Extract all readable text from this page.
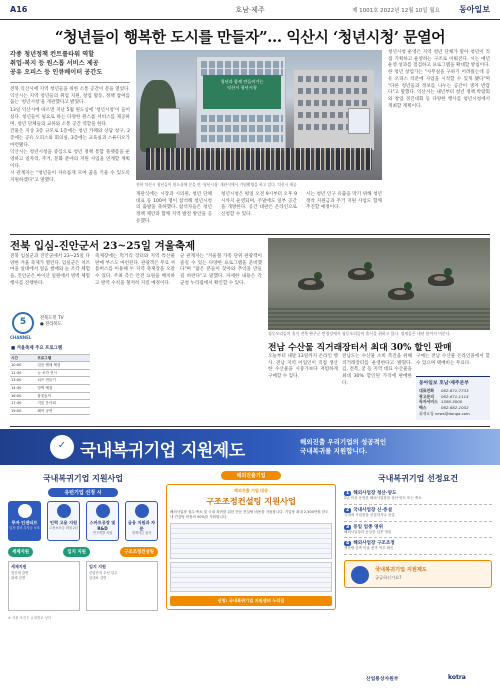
A16	호남·제주	제 1001호 2022년 12월 10일 월요 동아일보
“청년들이 행복한 도시를 만들자”… 익산시 ‘청년시청’ 문열어
각종 청년정책 컨트롤타워 역할
취업·복지 등 원스톱 서비스 제공
공유 오피스 등 인큐베이터 공간도

전북 익산시에 지역 청년들을 위한 소통 공간이 문을 열었다. 익산시는 지역 청년들의 취업 지원, 창업 활동, 정책 참여를 돕는 '청년시청'을 개관했다고 밝혔다.

13일 익산시에 따르면 지난 5월 원도심에 '청년시청'이 들어섰다. 청년들이 필요로 하는 다양한 원스톱 서비스를 제공하며, 청년 단체들의 교류와 소통 공간 역할을 한다.

건물은 지상 3층 규모로 1층에는 청년 카페와 상담 창구, 2층에는 공유 오피스와 회의실, 3층에는 교육실과 스튜디오가 마련됐다.

익산시는 청년시청을 중심으로 청년 정책 통합 플랫폼을 운영하고 일자리, 주거, 문화 분야의 지원 사업을 연계할 계획이다.

시 관계자는 "청년들이 자유롭게 모여 꿈을 키울 수 있도록 지원하겠다"고 말했다.

청년과 함께 만들어가는
익산시 청년시청
전북 익산시 청년들이 원도심에 문을 연 '청년시청' 개관식에서 기념촬영을 하고 있다. 익산시 제공
개관식에는 시장과 시의원, 청년 단체 대표 등 100여 명이 참석해 청년시청의 출발을 축하했다. 참석자들은 청년 정책 제안과 함께 지역 발전 방안을 공유했다.
청년시청은 평일 오전 9시부터 오후 9시까지 운영되며, 주말에도 일부 공간을 개방한다. 공간 대관은 온라인으로 신청할 수 있다.
시는 청년 인구 유출을 막기 위해 청년 정착 지원금과 주거 지원 사업도 함께 추진할 예정이다.
청년시청 운영은 지역 청년 단체가 맡아 청년이 직접 기획하고 운영하는 구조로 이뤄진다. 시는 매년 운영 성과를 점검하고 프로그램을 확대할 방침이다. 한 청년 창업가는 "사무실을 구하기 어려웠는데 공유 오피스 덕분에 사업을 시작할 수 있게 됐다"며 "다른 청년들과 정보를 나누는 공간이 생겨 반갑다"고 말했다. 익산시는 내년부터 청년 정책 박람회와 창업 경진대회 등 다양한 행사를 청년시청에서 개최할 계획이다.
전북 입심-진안군서 23~25일 겨울축제
전북 임실군과 진안군에서 23~25일 다양한 겨울 축제가 열린다. 임실군은 치즈 마을 일대에서 얼음 썰매와 눈 조각 체험을, 진안군은 마이산 일원에서 빙벽 체험 행사를 진행한다.
5
CHANNEL
전북도민 TV
● 전라북도
■ 겨울축제 주요 프로그램	
시간	프로그램
10:00	얼음 썰매 체험
11:30	눈 조각 전시
13:00	치즈 만들기
14:30	빙벽 체험
16:00	불꽃놀이
17:30	겨울 음악회
19:00	폐막 공연
축제장에는 먹거리 장터와 지역 특산물 판매 부스도 마련된다. 관광객은 무료 셔틀버스를 이용해 두 지역 축제장을 오갈 수 있다. 주최 측은 안전 요원을 배치하고 방역 수칙을 철저히 지킬 예정이다.
군 관계자는 "겨울철 가족 단위 관광객이 즐길 수 있는 다양한 프로그램을 준비했다"며 "많은 분들이 찾아와 추억을 만들길 바란다"고 말했다. 자세한 내용은 각 군청 누리집에서 확인할 수 있다.
청둥오리들의 휴식 전북 완주군 만경강에서 청둥오리들이 휴식을 취하고 있다. 철새들은 내년 봄까지 머문다.
전남 수산물 직거래장터서 최대 30% 할인 판매
오늘부터 내달 13일까지 온라인 행사. 전남 지역 어업인이 직접 생산한 수산물을 시중가보다 저렴하게 구매할 수 있다.
전남도는 수산물 소비 촉진을 위해 직거래장터를 운영한다고 밝혔다. 김, 전복, 굴 등 지역 대표 수산물을 최대 30% 할인된 가격에 판매한다.
구매는 전남 수산물 온라인몰에서 할 수 있으며 택배비는 무료다.
동아일보 호남·제주본부
대표전화 062-671-7733
광고문의 062-671-1114
독자서비스 1588-3000
팩스	062-682-1052
취재요청 news@donga.com
✓ 국내복귀기업 지원제도	해외진출 우리기업의 성공적인
국내복귀를 지원합니다.
국내복귀기업 지원사업
유턴기업 선정 시
투자 인센티브
입지·설비 투자금 보조
인력 고용 지원
고용보조금 최대 2년
스마트공장 및 R&D
연구개발 지원
금융 지원과 자문
정책자금 융자
세제지원	입지 지원	구조조정컨설팅
세제지원
법인세 감면
관세 감면
입지 지원
산업단지 우선 입주
임대료 감면
※ 지원 조건은 유형별로 상이
해외진출기업
해외진출 기업 대상
구조조정컨설팅 지원사업
해외사업장 철수·축소 및 국내 복귀를 위한 전문 컨설팅 비용을 지원합니다. 기업당 최대 2,500만원 한도 내 컨설팅 비용의 50%를 지원합니다.
신청: 국내복귀기업 지원센터 누리집
국내복귀기업 선정요건
1 해외사업장 청산·양도
2년 이상 운영한 해외사업장을 청산·양도 또는 축소
2 국내사업장 신·증설
국내에 사업장을 신설하거나 증설
3 동일 업종 영위
해외사업장과 동일한 업종 영위
4 해외사업장 구조조정
생산량 감축 비율 충족 여부 확인
국내복귀기업 지원제도
궁금하신가요?
산업통상자원부	kotra
